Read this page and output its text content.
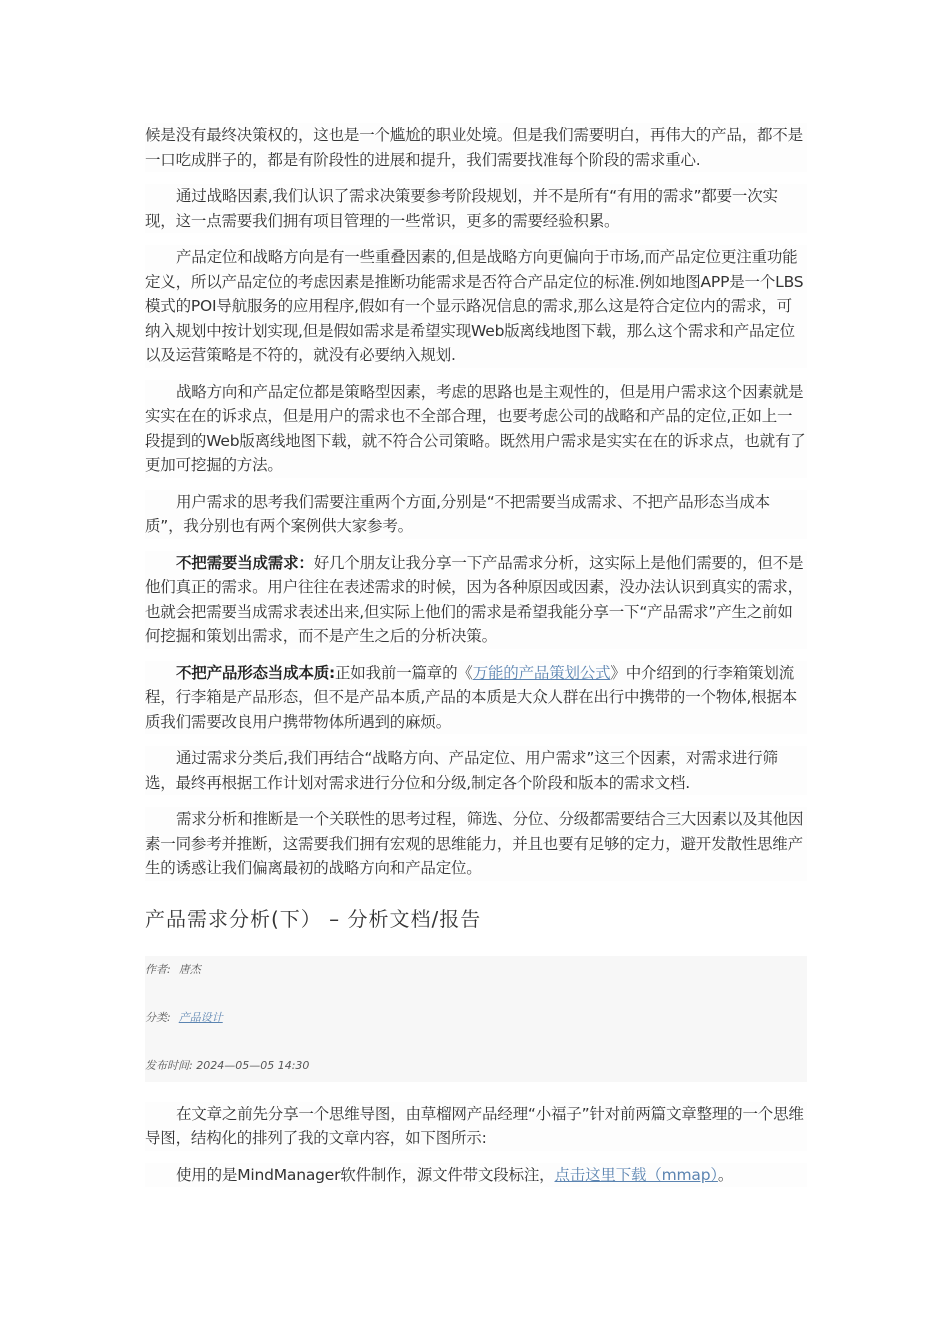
候是没有最终决策权的，这也是一个尴尬的职业处境。但是我们需要明白，再伟大的产品，都不是一口吃成胖子的，都是有阶段性的进展和提升，我们需要找准每个阶段的需求重心.

通过战略因素,我们认识了需求决策要参考阶段规划，并不是所有“有用的需求”都要一次实现，这一点需要我们拥有项目管理的一些常识，更多的需要经验积累。

产品定位和战略方向是有一些重叠因素的,但是战略方向更偏向于市场,而产品定位更注重功能定义，所以产品定位的考虑因素是推断功能需求是否符合产品定位的标准.例如地图APP是一个LBS模式的POI导航服务的应用程序,假如有一个显示路况信息的需求,那么这是符合定位内的需求，可纳入规划中按计划实现,但是假如需求是希望实现Web版离线地图下载，那么这个需求和产品定位以及运营策略是不符的，就没有必要纳入规划.

战略方向和产品定位都是策略型因素，考虑的思路也是主观性的，但是用户需求这个因素就是实实在在的诉求点，但是用户的需求也不全部合理，也要考虑公司的战略和产品的定位,正如上一段提到的Web版离线地图下载，就不符合公司策略。既然用户需求是实实在在的诉求点，也就有了更加可挖掘的方法。

用户需求的思考我们需要注重两个方面,分别是“不把需要当成需求、不把产品形态当成本质”，我分别也有两个案例供大家参考。

不把需要当成需求：好几个朋友让我分享一下产品需求分析，这实际上是他们需要的，但不是他们真正的需求。用户往往在表述需求的时候，因为各种原因或因素，没办法认识到真实的需求，也就会把需要当成需求表述出来,但实际上他们的需求是希望我能分享一下“产品需求”产生之前如何挖掘和策划出需求，而不是产生之后的分析决策。

不把产品形态当成本质:正如我前一篇章的《万能的产品策划公式》中介绍到的行李箱策划流程，行李箱是产品形态，但不是产品本质,产品的本质是大众人群在出行中携带的一个物体,根据本质我们需要改良用户携带物体所遇到的麻烦。

通过需求分类后,我们再结合“战略方向、产品定位、用户需求”这三个因素，对需求进行筛选，最终再根据工作计划对需求进行分位和分级,制定各个阶段和版本的需求文档.

需求分析和推断是一个关联性的思考过程，筛选、分位、分级都需要结合三大因素以及其他因素一同参考并推断，这需要我们拥有宏观的思维能力，并且也要有足够的定力，避开发散性思维产生的诱惑让我们偏离最初的战略方向和产品定位。

产品需求分析(下） – 分析文档/报告
作者: 唐杰
分类: 产品设计
发布时间: 2024—05—05 14:30

在文章之前先分享一个思维导图，由草榴网产品经理“小福子”针对前两篇文章整理的一个思维导图，结构化的排列了我的文章内容，如下图所示:

使用的是MindManager软件制作，源文件带文段标注，点击这里下载（mmap）。
